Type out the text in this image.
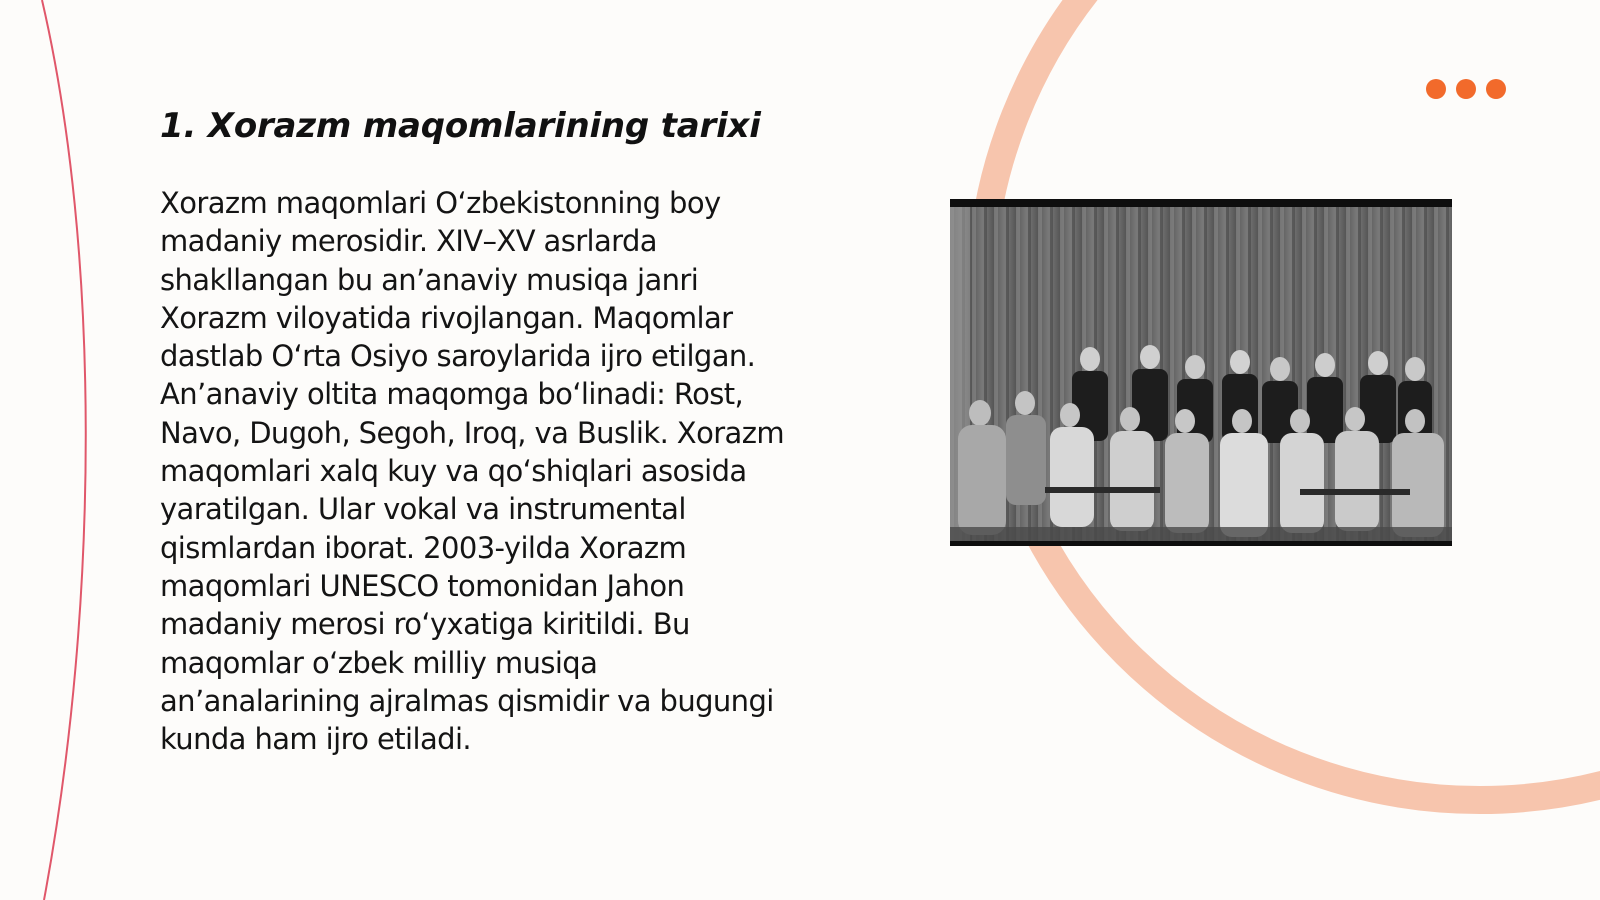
1. Xorazm maqomlarining tarixi
Xorazm maqomlari O‘zbekistonning boy
madaniy merosidir. XIV–XV asrlarda
shakllangan bu an’anaviy musiqa janri
Xorazm viloyatida rivojlangan. Maqomlar
dastlab O‘rta Osiyo saroylarida ijro etilgan.
An’anaviy oltita maqomga bo‘linadi: Rost,
Navo, Dugoh, Segoh, Iroq, va Buslik. Xorazm
maqomlari xalq kuy va qo‘shiqlari asosida
yaratilgan. Ular vokal va instrumental
qismlardan iborat. 2003-yilda Xorazm
maqomlari UNESCO tomonidan Jahon
madaniy merosi ro‘yxatiga kiritildi. Bu
maqomlar o‘zbek milliy musiqa
an’analarining ajralmas qismidir va bugungi
kunda ham ijro etiladi.
